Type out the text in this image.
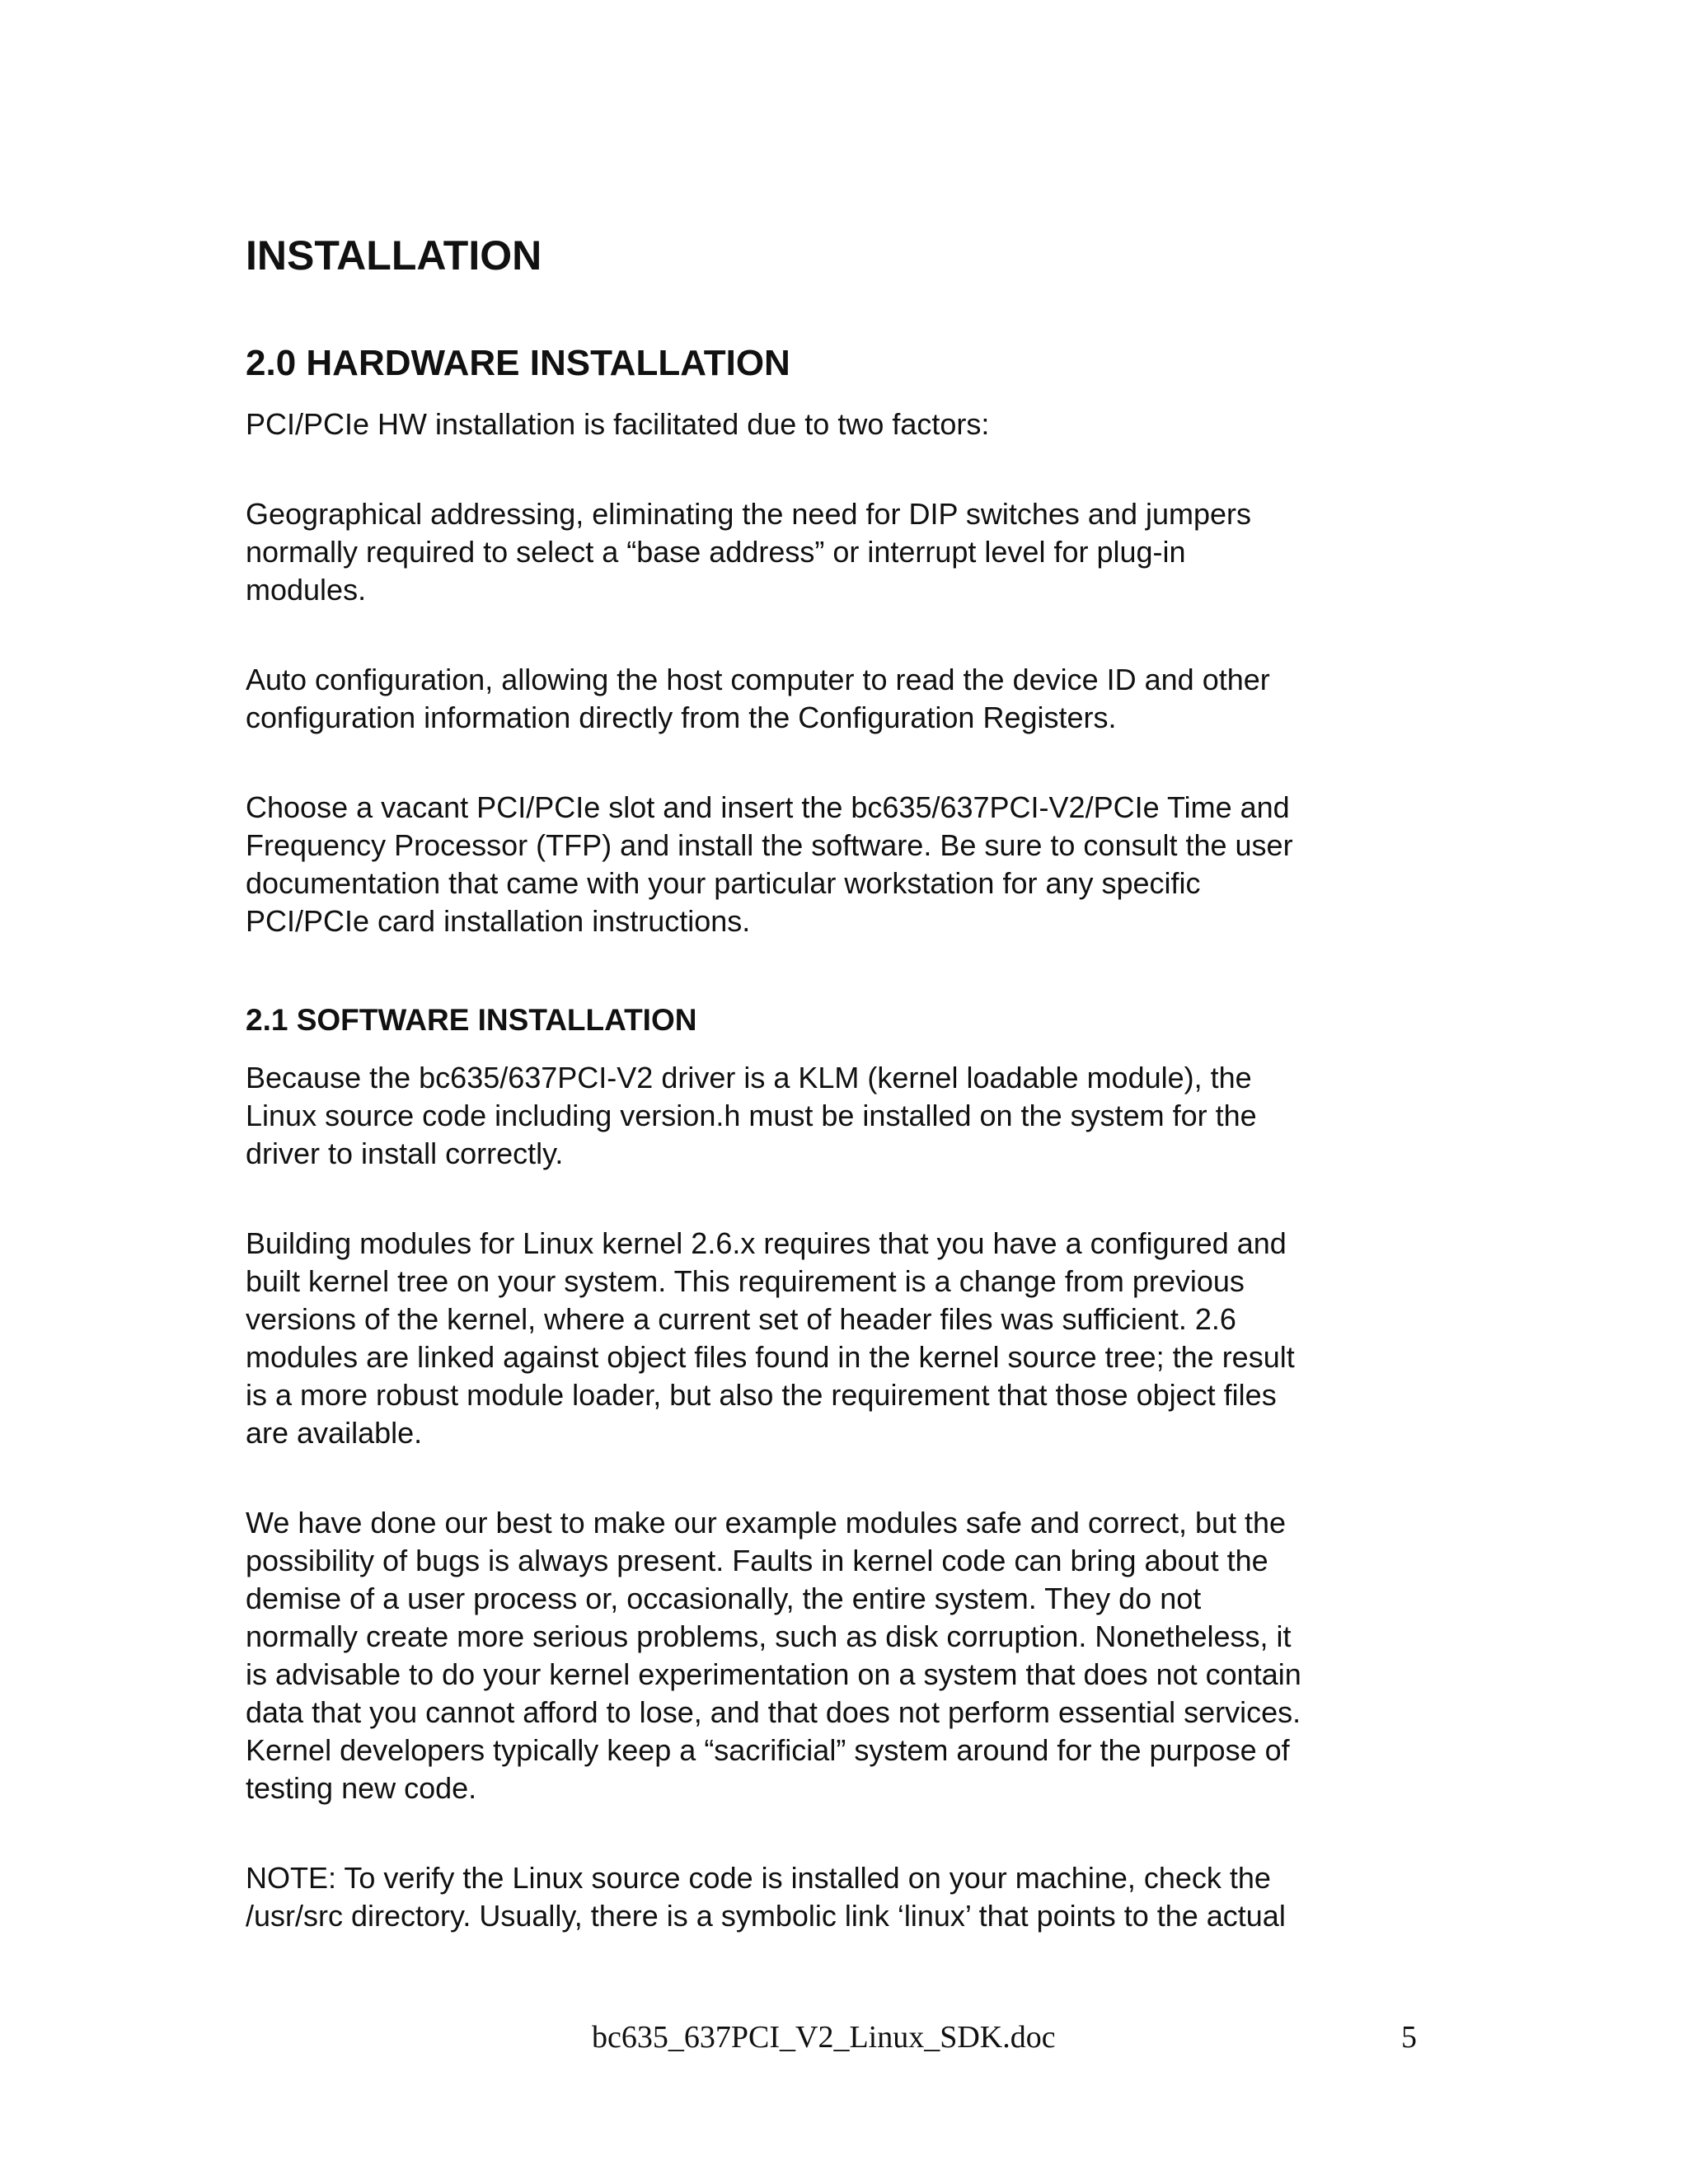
INSTALLATION
2.0 HARDWARE INSTALLATION

PCI/PCIe HW installation is facilitated due to two factors:

Geographical addressing, eliminating the need for DIP switches and jumpers
normally required to select a “base address” or interrupt level for plug-in
modules.

Auto configuration, allowing the host computer to read the device ID and other
configuration information directly from the Configuration Registers.

Choose a vacant PCI/PCIe slot and insert the bc635/637PCI-V2/PCIe Time and
Frequency Processor (TFP) and install the software. Be sure to consult the user
documentation that came with your particular workstation for any specific
PCI/PCIe card installation instructions.

2.1 SOFTWARE INSTALLATION

Because the bc635/637PCI-V2 driver is a KLM (kernel loadable module), the
Linux source code including version.h must be installed on the system for the
driver to install correctly.

Building modules for Linux kernel 2.6.x requires that you have a configured and
built kernel tree on your system. This requirement is a change from previous
versions of the kernel, where a current set of header files was sufficient. 2.6
modules are linked against object files found in the kernel source tree; the result
is a more robust module loader, but also the requirement that those object files
are available.

We have done our best to make our example modules safe and correct, but the
possibility of bugs is always present. Faults in kernel code can bring about the
demise of a user process or, occasionally, the entire system. They do not
normally create more serious problems, such as disk corruption. Nonetheless, it
is advisable to do your kernel experimentation on a system that does not contain
data that you cannot afford to lose, and that does not perform essential services.
Kernel developers typically keep a “sacrificial” system around for the purpose of
testing new code.

NOTE: To verify the Linux source code is installed on your machine, check the
/usr/src directory. Usually, there is a symbolic link ‘linux’ that points to the actual

bc635_637PCI_V2_Linux_SDK.doc	5
